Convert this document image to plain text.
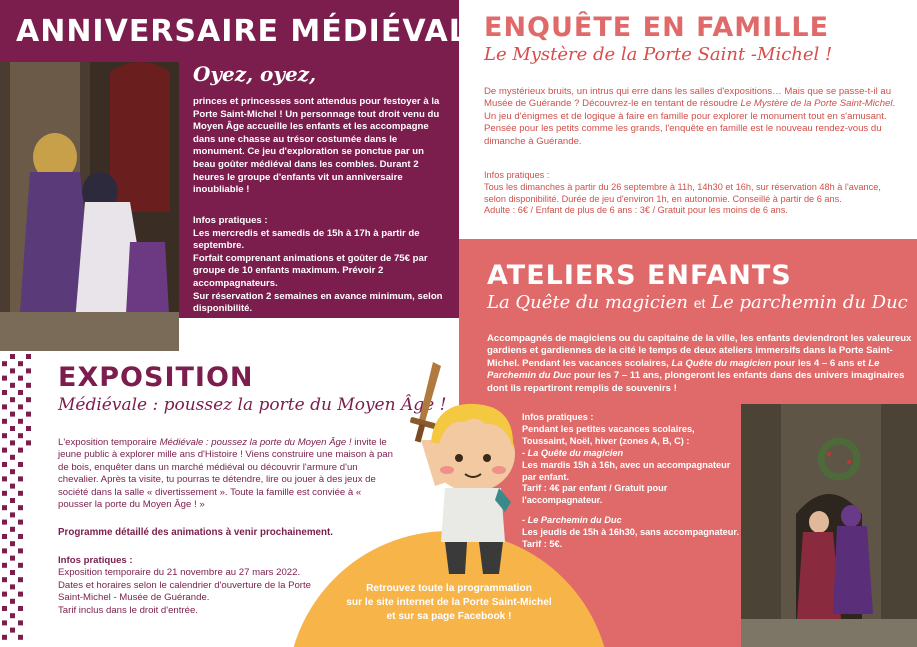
ANNIVERSAIRE MÉDIÉVAL
Oyez, oyez,
princes et princesses sont attendus pour festoyer à la Porte Saint-Michel ! Un personnage tout droit venu du Moyen Âge accueille les enfants et les accompagne dans une chasse au trésor costumée dans le monument. Ce jeu d'exploration se ponctue par un beau goûter médiéval dans les combles. Durant 2 heures le groupe d'enfants vit un anniversaire inoubliable !
Infos pratiques :
Les mercredis et samedis de 15h à 17h à partir de septembre.
Forfait comprenant animations et goûter de 75€ par groupe de 10 enfants maximum. Prévoir 2 accompagnateurs.
Sur réservation 2 semaines en avance minimum, selon disponibilité.
ENQUÊTE EN FAMILLE
Le Mystère de la Porte Saint -Michel !
De mystérieux bruits, un intrus qui erre dans les salles d'expositions… Mais que se passe-t-il au Musée de Guérande ? Découvrez-le en tentant de résoudre Le Mystère de la Porte Saint-Michel. Un jeu d'énigmes et de logique à faire en famille pour explorer le monument tout en s'amusant. Pensée pour les petits comme les grands, l'enquête en famille est le nouveau rendez-vous du dimanche à Guérande.
Infos pratiques :
Tous les dimanches à partir du 26 septembre à 11h, 14h30 et 16h, sur réservation 48h à l'avance, selon disponibilité. Durée de jeu d'environ 1h, en autonomie. Conseillé à partir de 6 ans.
Adulte : 6€ / Enfant de plus de 6 ans : 3€ / Gratuit pour les moins de 6 ans.
ATELIERS ENFANTS
La Quête du magicien et Le parchemin du Duc
Accompagnés de magiciens ou du capitaine de la ville, les enfants deviendront les valeureux gardiens et gardiennes de la cité le temps de deux ateliers immersifs dans la Porte Saint-Michel. Pendant les vacances scolaires, La Quête du magicien pour les 4 – 6 ans et Le Parchemin du Duc pour les 7 – 11 ans, plongeront les enfants dans des univers imaginaires dont ils repartiront remplis de souvenirs !
Infos pratiques :
Pendant les petites vacances scolaires, Toussaint, Noël, hiver (zones A, B, C) :
- La Quête du magicien
Les mardis 15h à 16h, avec un accompagnateur par enfant.
Tarif : 4€ par enfant / Gratuit pour l'accompagnateur.
- Le Parchemin du Duc
Les jeudis de 15h à 16h30, sans accompagnateur.
Tarif : 5€.
EXPOSITION
Médiévale : poussez la porte du Moyen Âge !
L'exposition temporaire Médiévale : poussez la porte du Moyen Âge ! invite le jeune public à explorer mille ans d'Histoire ! Viens construire une maison à pan de bois, enquêter dans un marché médiéval ou découvrir l'armure d'un chevalier. Après ta visite, tu pourras te détendre, lire ou jouer à des jeux de société dans la salle « divertissement ». Toute la famille est conviée à « pousser la porte du Moyen Âge ! »
Programme détaillé des animations à venir prochainement.
Infos pratiques :
Exposition temporaire du 21 novembre au 27 mars 2022.
Dates et horaires selon le calendrier d'ouverture de la Porte Saint-Michel - Musée de Guérande.
Tarif inclus dans le droit d'entrée.
Retrouvez toute la programmation
sur le site internet de la Porte Saint-Michel
et sur sa page Facebook !
